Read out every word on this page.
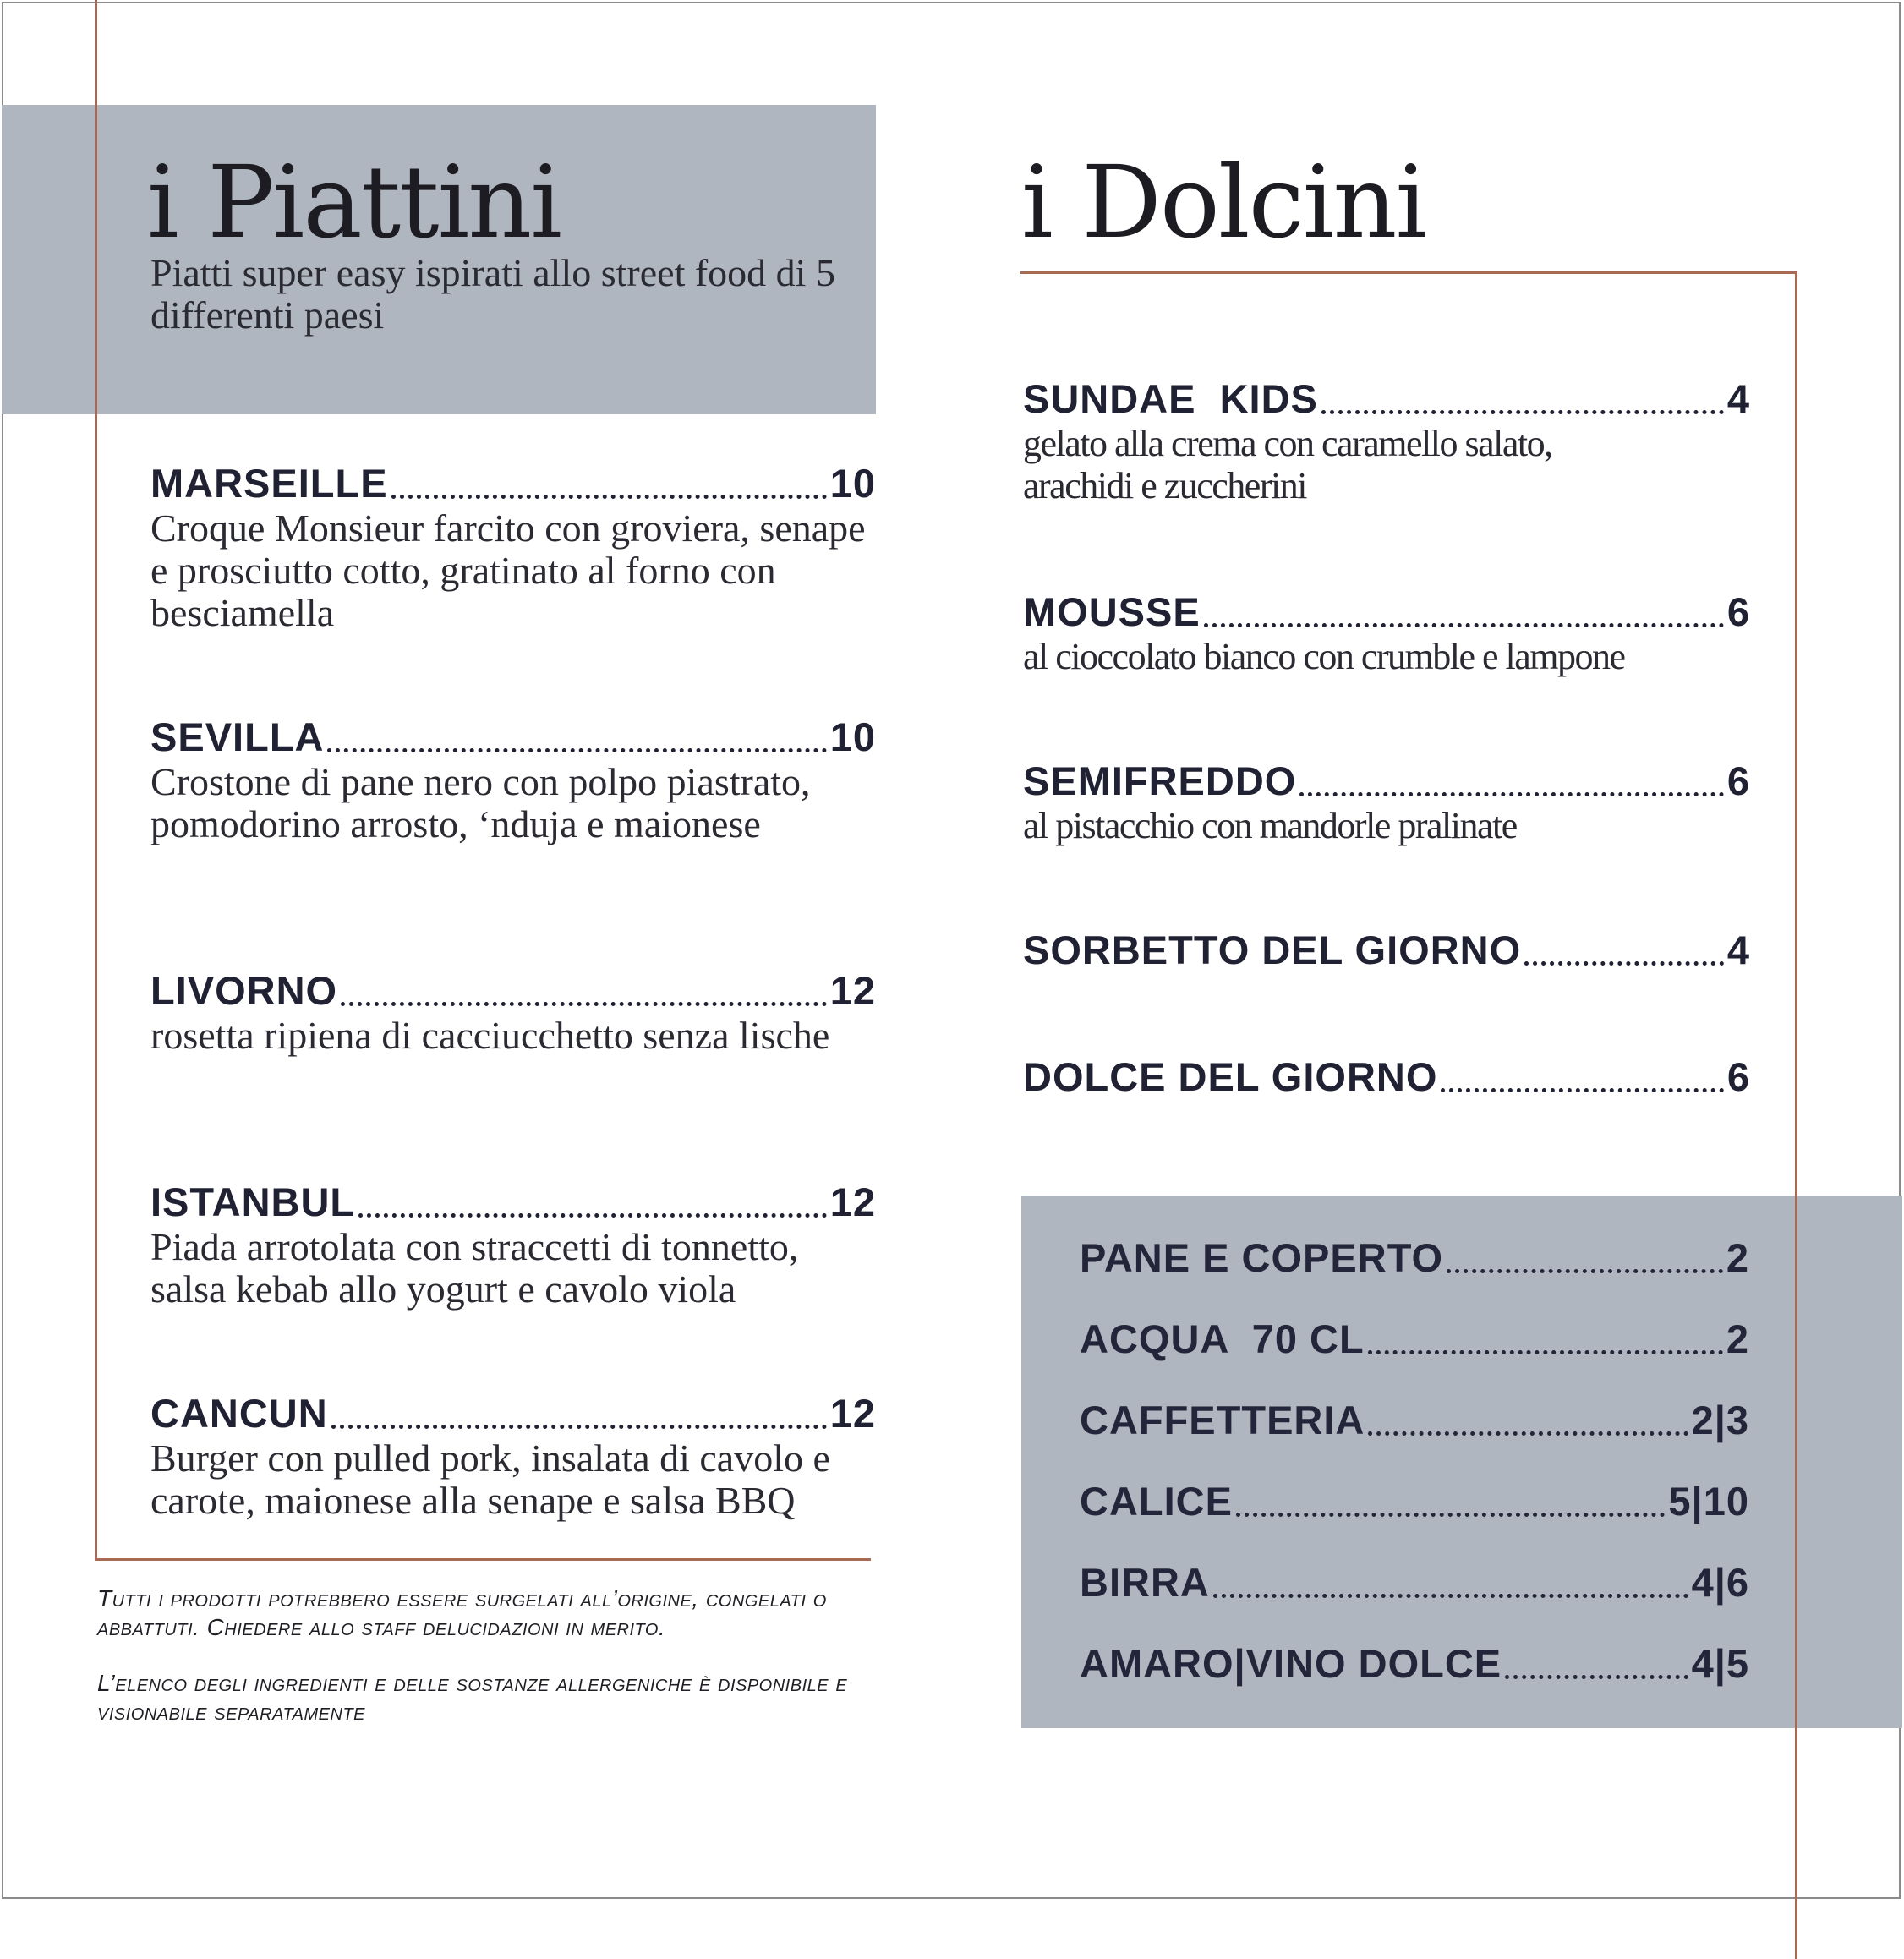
i Piattini
Piatti super easy ispirati allo street food di 5 differenti paesi
MARSEILLE	10
Croque Monsieur farcito con groviera, senape e prosciutto cotto, gratinato al forno con besciamella
SEVILLA	10
Crostone di pane nero con polpo piastrato, pomodorino arrosto, ‘nduja e maionese
LIVORNO	12
rosetta ripiena di cacciucchetto senza lische
ISTANBUL	12
Piada arrotolata con straccetti di tonnetto, salsa kebab allo yogurt e cavolo viola
CANCUN	12
Burger con pulled pork, insalata di cavolo e carote, maionese alla senape e salsa BBQ
Tutti i prodotti potrebbero essere surgelati all’origine, congelati o abbattuti. Chiedere allo staff delucidazioni in merito.
L’elenco degli ingredienti e delle sostanze allergeniche è disponibile e visionabile separatamente
i Dolcini
SUNDAE  KIDS	4
gelato alla crema con caramello salato, arachidi e zuccherini
MOUSSE	6
al cioccolato bianco con crumble e lampone
SEMIFREDDO	6
al pistacchio con mandorle pralinate
SORBETTO DEL GIORNO	4
DOLCE DEL GIORNO	6
PANE E COPERTO	2
ACQUA  70 CL	2
CAFFETTERIA	2|3
CALICE	5|10
BIRRA	4|6
AMARO|VINO DOLCE	4|5
